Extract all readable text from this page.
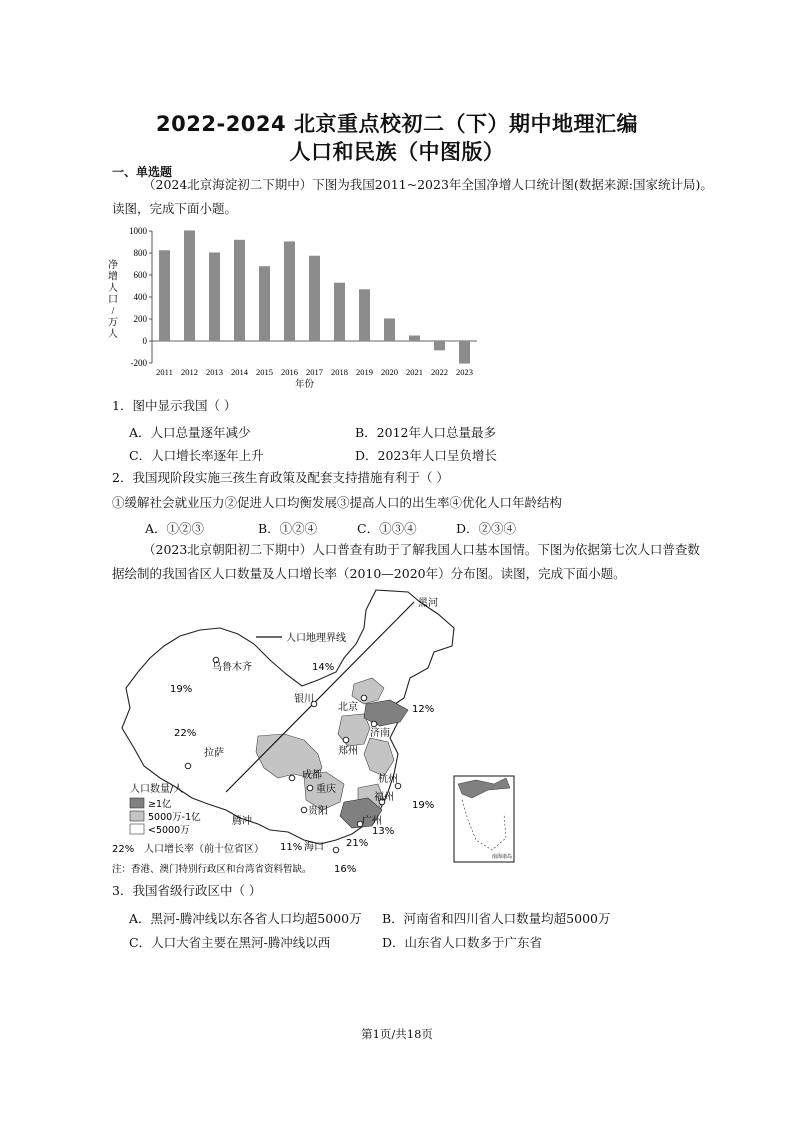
2022-2024 北京重点校初二（下）期中地理汇编
人口和民族（中图版）
一、单选题
（2024北京海淀初二下期中）下图为我国2011~2023年全国净增人口统计图(数据来源:国家统计局)。
读图，完成下面小题。
净
增
人
口
/
万
人
1000
800
600
400
200
0
-200
2011 2012 2013 2014 2015 2016 2017 2018 2019 2020 2021 2022 2023
年份
1．图中显示我国（ ）
A．人口总量逐年减少	B．2012年人口总量最多
C．人口增长率逐年上升	D．2023年人口呈负增长
2．我国现阶段实施三孩生育政策及配套支持措施有利于（ ）
①缓解社会就业压力②促进人口均衡发展③提高人口的出生率④优化人口年龄结构
A．①②③	B．①②④	C．①③④	D．②③④
（2023北京朝阳初二下期中）人口普查有助于了解我国人口基本国情。下图为依据第七次人口普查数
据绘制的我国省区人口数量及人口增长率（2010—2020年）分布图。读图，完成下面小题。
人口地理界线
黑河
乌鲁木齐
银川
北京
济南
郑州
拉萨
成都
重庆
贵阳
杭州
福州
广州
腾冲
海口
14%
19%
22%
12%
19%
13%
11%	21%
16%
人口数量/人
≥1亿
5000万-1亿
<5000万
22% 人口增长率（前十位省区）
注：香港、澳门特别行政区和台湾省资料暂缺。
南海诸岛
3．我国省级行政区中（ ）
A．黑河-腾冲线以东各省人口均超5000万 B．河南省和四川省人口数量均超5000万
C．人口大省主要在黑河-腾冲线以西	D．山东省人口数多于广东省
第1页/共18页
